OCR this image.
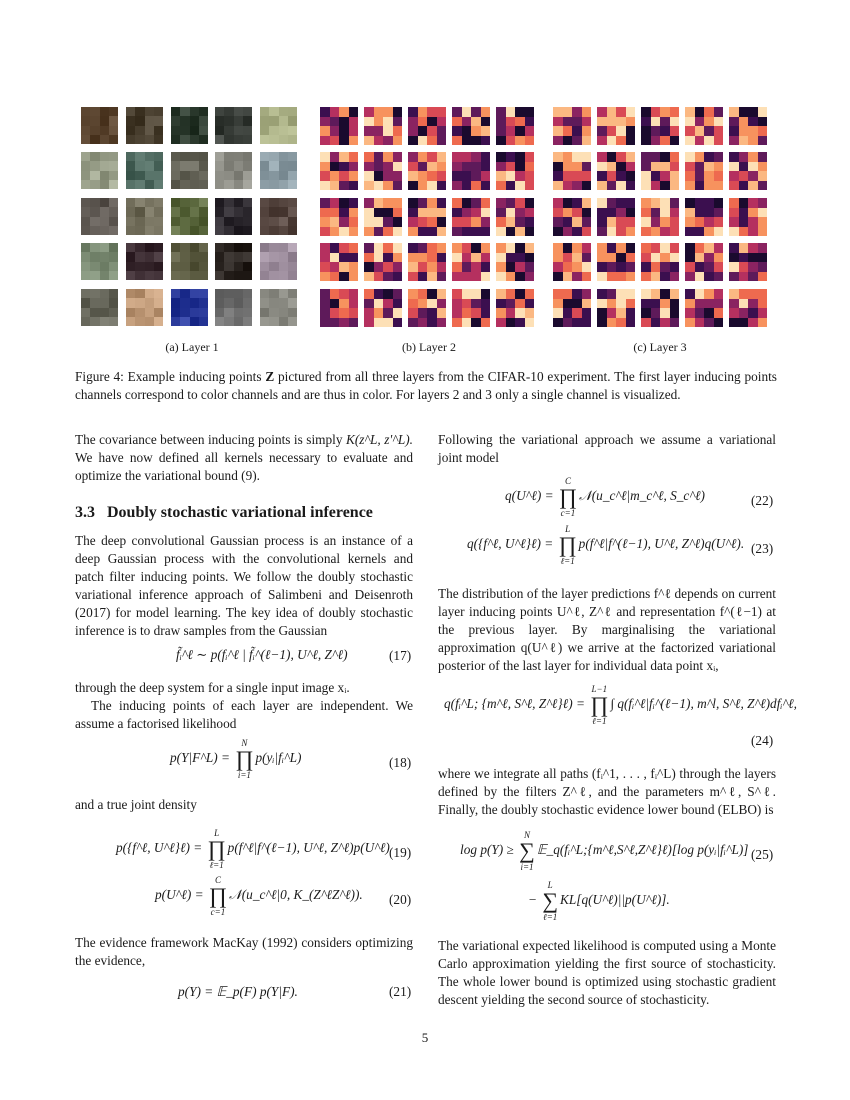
(a) Layer 1	(b) Layer 2	(c) Layer 3
Figure 4: Example inducing points Z pictured from all three layers from the CIFAR-10 experiment. The first layer inducing points channels correspond to color channels and are thus in color. For layers 2 and 3 only a single channel is visualized.

The covariance between inducing points is simply K(z^L, z'^L). We have now defined all kernels necessary to evaluate and optimize the variational bound (9).

3.3 Doubly stochastic variational inference

The deep convolutional Gaussian process is an instance of a deep Gaussian process with the convolutional kernels and patch filter inducing points. We follow the doubly stochastic variational inference approach of Salimbeni and Deisenroth (2017) for model learning. The key idea of doubly stochastic inference is to draw samples from the Gaussian

f̃ᵢ^ℓ ∼ p(fᵢ^ℓ | f̃ᵢ^(ℓ−1), U^ℓ, Z^ℓ)	(17)

through the deep system for a single input image xᵢ.

The inducing points of each layer are independent. We assume a factorised likelihood

p(Y|F^L) = N
∏
i=1p(yᵢ|fᵢ^L)	(18)

and a true joint density

p({f^ℓ, U^ℓ}ℓ) = L
∏
ℓ=1p(f^ℓ|f^(ℓ−1), U^ℓ, Z^ℓ)p(U^ℓ) (19)
p(U^ℓ) = C
∏
c=1𝒩(u_c^ℓ|0, K_(Z^ℓZ^ℓ)). (20)

The evidence framework MacKay (1992) considers optimizing the evidence,

p(Y) = 𝔼_p(F) p(Y|F).	(21)

Following the variational approach we assume a variational joint model

q(U^ℓ) = C
∏
c=1𝒩(u_c^ℓ|m_c^ℓ, S_c^ℓ)	(22)
q({f^ℓ, U^ℓ}ℓ) = L
∏
ℓ=1p(f^ℓ|f^(ℓ−1), U^ℓ, Z^ℓ)q(U^ℓ). (23)

The distribution of the layer predictions f^ℓ depends on current layer inducing points U^ℓ, Z^ℓ and representation f^(ℓ−1) at the previous layer. By marginalising the variational approximation q(U^ℓ) we arrive at the factorized variational posterior of the last layer for individual data point xᵢ,

q(fᵢ^L; {m^ℓ, S^ℓ, Z^ℓ}ℓ) = L−1
∏
ℓ=1∫ q(fᵢ^ℓ|fᵢ^(ℓ−1), m^l, S^ℓ, Z^ℓ)dfᵢ^ℓ,
(24)

where we integrate all paths (fᵢ^1, . . . , fᵢ^L) through the layers defined by the filters Z^ℓ, and the parameters m^ℓ, S^ℓ. Finally, the doubly stochastic evidence lower bound (ELBO) is

log p(Y) ≥ N
∑
i=1𝔼_q(fᵢ^L;{m^ℓ,S^ℓ,Z^ℓ}ℓ)[log p(yᵢ|fᵢ^L)] (25)
− L
∑
ℓ=1KL[q(U^ℓ)||p(U^ℓ)].

The variational expected likelihood is computed using a Monte Carlo approximation yielding the first source of stochasticity. The whole lower bound is optimized using stochastic gradient descent yielding the second source of stochasticity.

5
